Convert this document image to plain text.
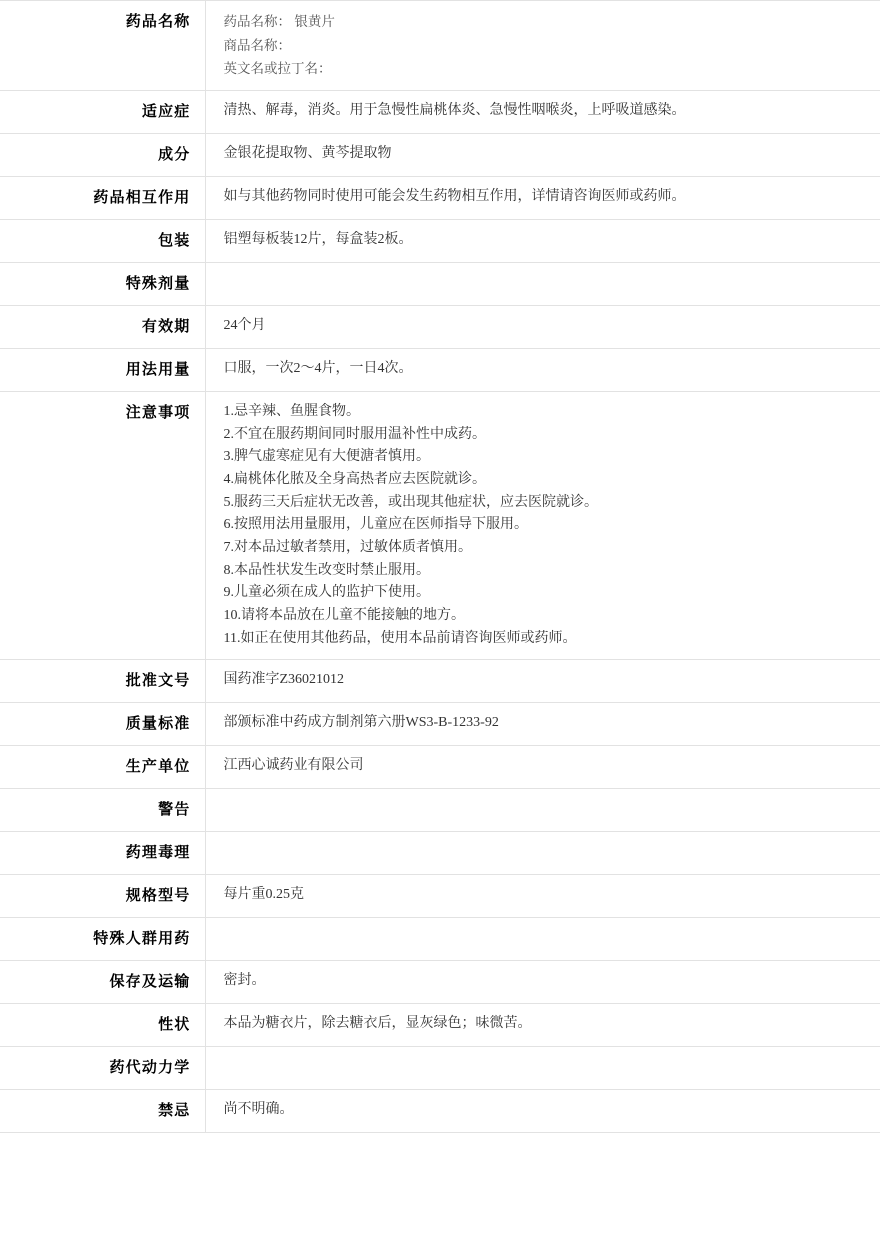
药品名称	药品名称： 银黄片
商品名称：
英文名或拉丁名：

适应症	清热、解毒，消炎。用于急慢性扁桃体炎、急慢性咽喉炎，上呼吸道感染。

成分	金银花提取物、黄芩提取物

药品相互作用	如与其他药物同时使用可能会发生药物相互作用，详情请咨询医师或药师。

包装	铝塑每板装12片，每盒装2板。

特殊剂量	

有效期	24个月

用法用量	口服，一次2～4片，一日4次。

注意事项	1.忌辛辣、鱼腥食物。
2.不宜在服药期间同时服用温补性中成药。
3.脾气虚寒症见有大便溏者慎用。
4.扁桃体化脓及全身高热者应去医院就诊。
5.服药三天后症状无改善，或出现其他症状，应去医院就诊。
6.按照用法用量服用，儿童应在医师指导下服用。
7.对本品过敏者禁用，过敏体质者慎用。
8.本品性状发生改变时禁止服用。
9.儿童必须在成人的监护下使用。
10.请将本品放在儿童不能接触的地方。
11.如正在使用其他药品，使用本品前请咨询医师或药师。

批准文号	国药准字Z36021012

质量标准	部颁标准中药成方制剂第六册WS3-B-1233-92

生产单位	江西心诚药业有限公司

警告	

药理毒理	

规格型号	每片重0.25克

特殊人群用药	

保存及运输	密封。

性状	本品为糖衣片，除去糖衣后，显灰绿色；味微苦。

药代动力学	

禁忌	尚不明确。
